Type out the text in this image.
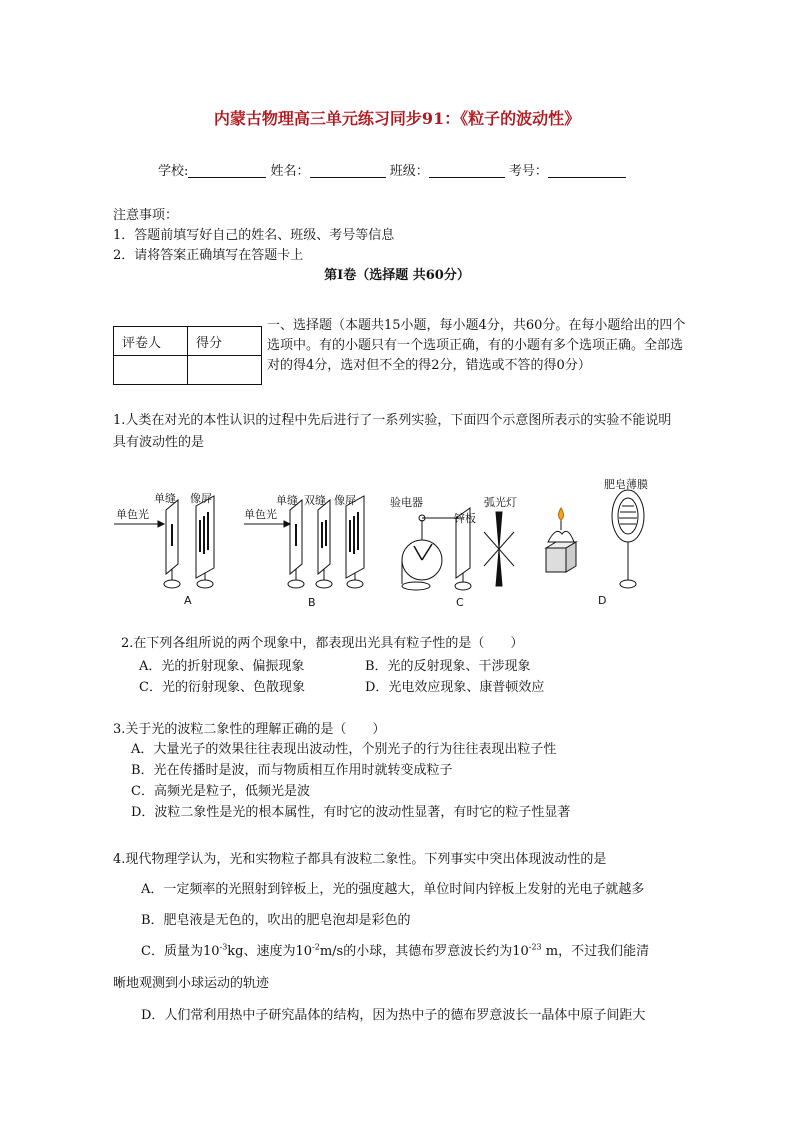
内蒙古物理高三单元练习同步91：《粒子的波动性》
学校:	姓名：	班级：	考号：
注意事项：
1．答题前填写好自己的姓名、班级、考号等信息
2．请将答案正确填写在答题卡上
第I卷（选择题 共60分）
评卷人	得分

一、选择题（本题共15小题，每小题4分，共60分。在每小题给出的四个选项中。有的小题只有一个选项正确，有的小题有多个选项正确。全部选对的得4分，选对但不全的得2分，错选或不答的得0分）
1.人类在对光的本性认识的过程中先后进行了一系列实验，下面四个示意图所表示的实验不能说明具有波动性的是
单色光
单缝 像屏
A
单色光
单缝 双缝 像屏
B
验电器
锌板
弧光灯
C
肥皂薄膜
D
2.在下列各组所说的两个现象中，都表现出光具有粒子性的是（　　）
A．光的折射现象、偏振现象	B．光的反射现象、干涉现象
C．光的衍射现象、色散现象	D．光电效应现象、康普顿效应
3.关于光的波粒二象性的理解正确的是（　　）
A．大量光子的效果往往表现出波动性，个别光子的行为往往表现出粒子性
B．光在传播时是波，而与物质相互作用时就转变成粒子
C．高频光是粒子，低频光是波
D．波粒二象性是光的根本属性，有时它的波动性显著，有时它的粒子性显著
4.现代物理学认为，光和实物粒子都具有波粒二象性。下列事实中突出体现波动性的是
A．一定频率的光照射到锌板上，光的强度越大，单位时间内锌板上发射的光电子就越多
B．肥皂液是无色的，吹出的肥皂泡却是彩色的
C．质量为$10^{-3}kg$、速度为$10^{-2}m/s$的小球，其德布罗意波长约为$10^{-23}$ m，不过我们能清
晰地观测到小球运动的轨迹
D．人们常利用热中子研究晶体的结构，因为热中子的德布罗意波长一晶体中原子间距大
